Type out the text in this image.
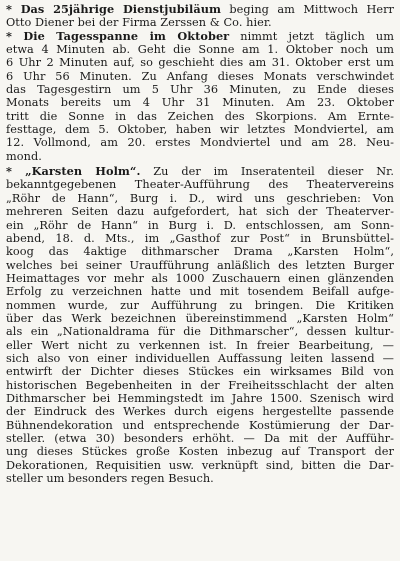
* Das 25jährige Dienstjubiläum beging am Mittwoch Herr
Otto Diener bei der Firma Zerssen & Co. hier.
* Die Tagesspanne im Oktober nimmt jetzt täglich um
etwa 4 Minuten ab. Geht die Sonne am 1. Oktober noch um
6 Uhr 2 Minuten auf, so geschieht dies am 31. Oktober erst um
6 Uhr 56 Minuten. Zu Anfang dieses Monats verschwindet
das Tagesgestirn um 5 Uhr 36 Minuten, zu Ende dieses
Monats bereits um 4 Uhr 31 Minuten. Am 23. Oktober
tritt die Sonne in das Zeichen des Skorpions. Am Ernte-
festtage, dem 5. Oktober, haben wir letztes Mondviertel, am
12. Vollmond, am 20. erstes Mondviertel und am 28. Neu-
mond.
* „Karsten Holm“. Zu der im Inseratenteil dieser Nr.
bekanntgegebenen Theater-Aufführung des Theatervereins
„Röhr de Hann“, Burg i. D., wird uns geschrieben: Von
mehreren Seiten dazu aufgefordert, hat sich der Theaterver-
ein „Röhr de Hann“ in Burg i. D. entschlossen, am Sonn-
abend, 18. d. Mts., im „Gasthof zur Post“ in Brunsbüttel-
koog das 4aktige dithmarscher Drama „Karsten Holm“,
welches bei seiner Uraufführung anläßlich des letzten Burger
Heimattages vor mehr als 1000 Zuschauern einen glänzenden
Erfolg zu verzeichnen hatte und mit tosendem Beifall aufge-
nommen wurde, zur Aufführung zu bringen. Die Kritiken
über das Werk bezeichnen übereinstimmend „Karsten Holm“
als ein „Nationaldrama für die Dithmarscher“, dessen kultur-
eller Wert nicht zu verkennen ist. In freier Bearbeitung, —
sich also von einer individuellen Auffassung leiten lassend —
entwirft der Dichter dieses Stückes ein wirksames Bild von
historischen Begebenheiten in der Freiheitsschlacht der alten
Dithmarscher bei Hemmingstedt im Jahre 1500. Szenisch wird
der Eindruck des Werkes durch eigens hergestellte passende
Bühnendekoration und entsprechende Kostümierung der Dar-
steller. (etwa 30) besonders erhöht. — Da mit der Aufführ-
ung dieses Stückes große Kosten inbezug auf Transport der
Dekorationen, Requisitien usw. verknüpft sind, bitten die Dar-
steller um besonders regen Besuch.
